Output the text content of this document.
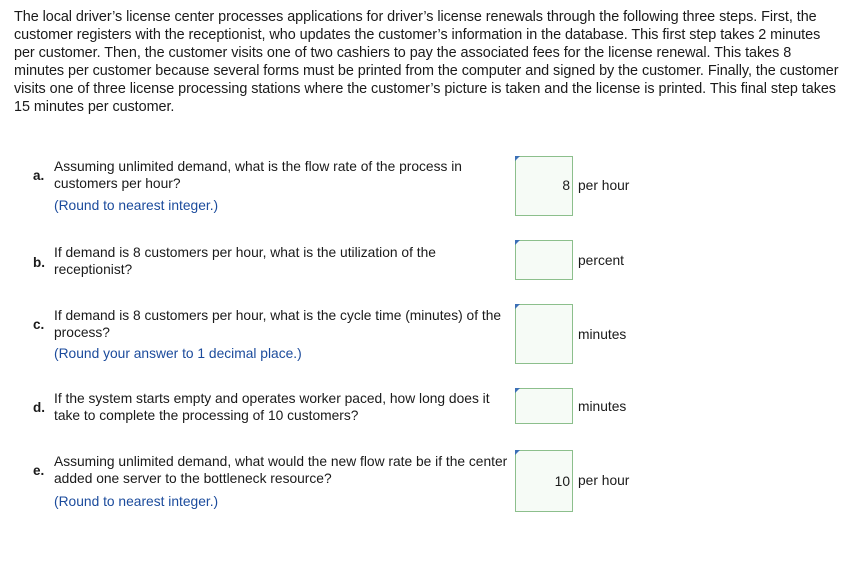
The local driver’s license center processes applications for driver’s license renewals through the following three steps. First, the customer registers with the receptionist, who updates the customer’s information in the database. This first step takes 2 minutes per customer. Then, the customer visits one of two cashiers to pay the associated fees for the license renewal. This takes 8 minutes per customer because several forms must be printed from the computer and signed by the customer. Finally, the customer visits one of three license processing stations where the customer’s picture is taken and the license is printed. This final step takes 15 minutes per customer.
a.
Assuming unlimited demand, what is the flow rate of the process in customers per hour?
(Round to nearest integer.)
8 per hour
b.
If demand is 8 customers per hour, what is the utilization of the receptionist?
percent
c.
If demand is 8 customers per hour, what is the cycle time (minutes) of the process?
(Round your answer to 1 decimal place.)
minutes
d.
If the system starts empty and operates worker paced, how long does it take to complete the processing of 10 customers?
minutes
e.
Assuming unlimited demand, what would the new flow rate be if the center added one server to the bottleneck resource?
(Round to nearest integer.)
10 per hour
